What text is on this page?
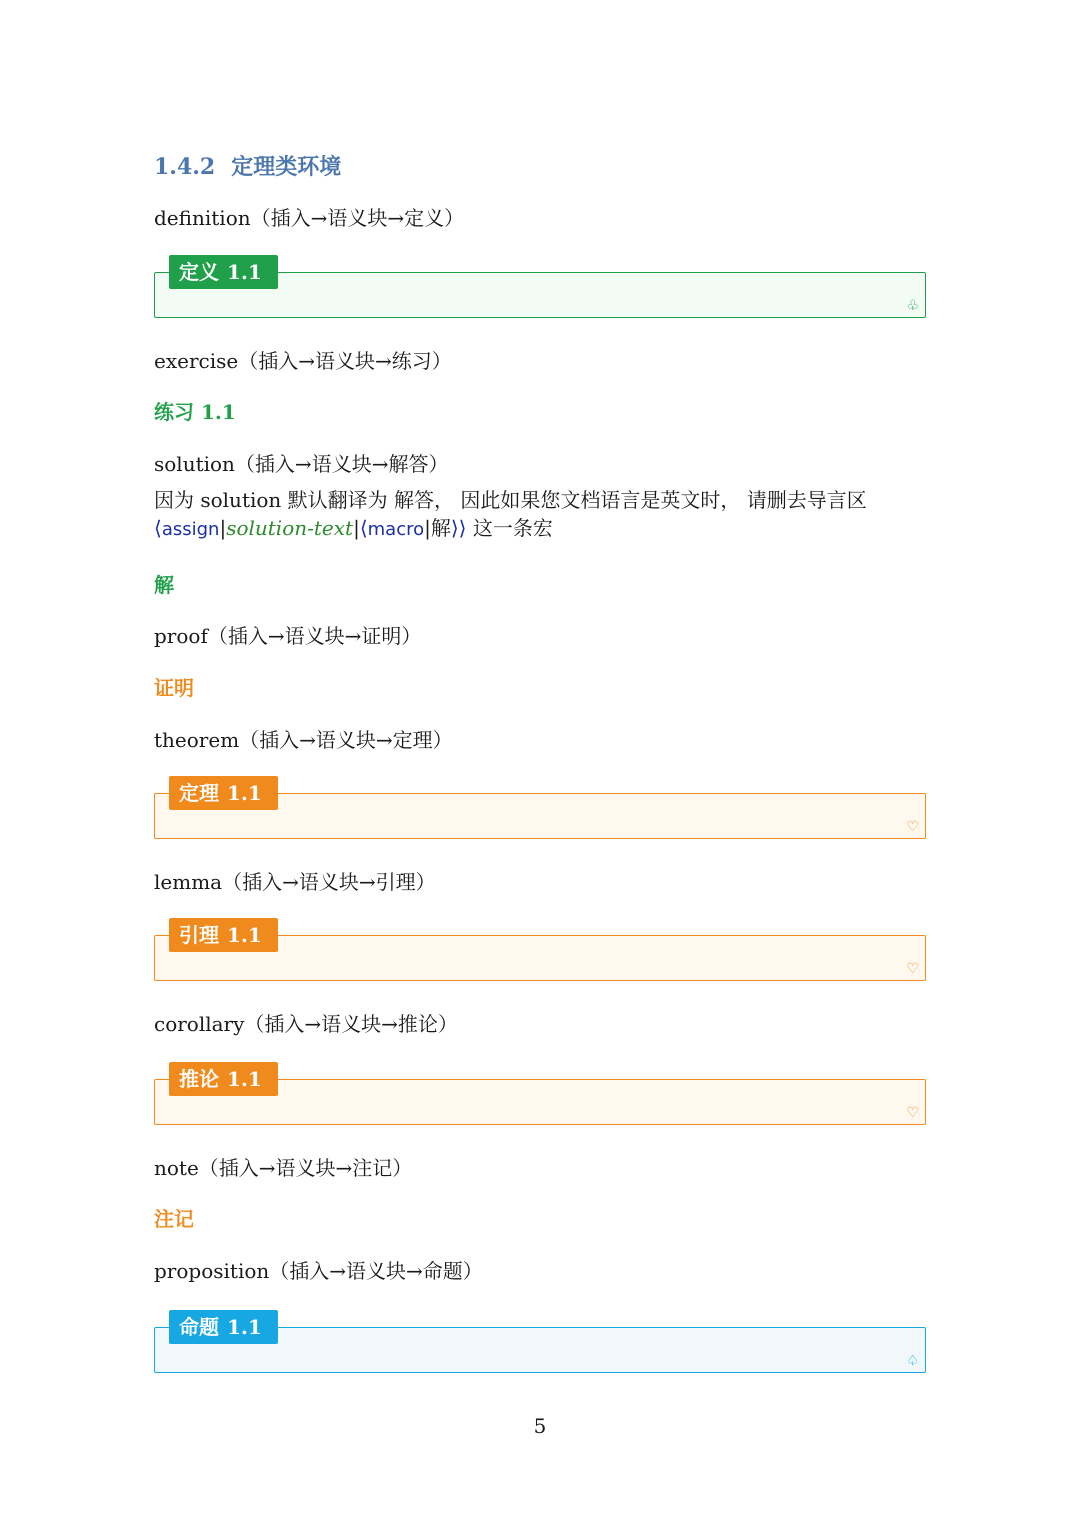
1.4.2 定理类环境
definition（插入→语义块→定义）
定义 1.1
♧
exercise（插入→语义块→练习）
练习 1.1
solution（插入→语义块→解答）
因为 solution 默认翻译为 解答， 因此如果您文档语言是英文时， 请删去导言区
⟨assign|solution-text|⟨macro|解⟩⟩ 这一条宏
解
proof（插入→语义块→证明）
证明
theorem（插入→语义块→定理）
定理 1.1
♡
lemma（插入→语义块→引理）
引理 1.1
♡
corollary（插入→语义块→推论）
推论 1.1
♡
note（插入→语义块→注记）
注记
proposition（插入→语义块→命题）
命题 1.1
♤
5
